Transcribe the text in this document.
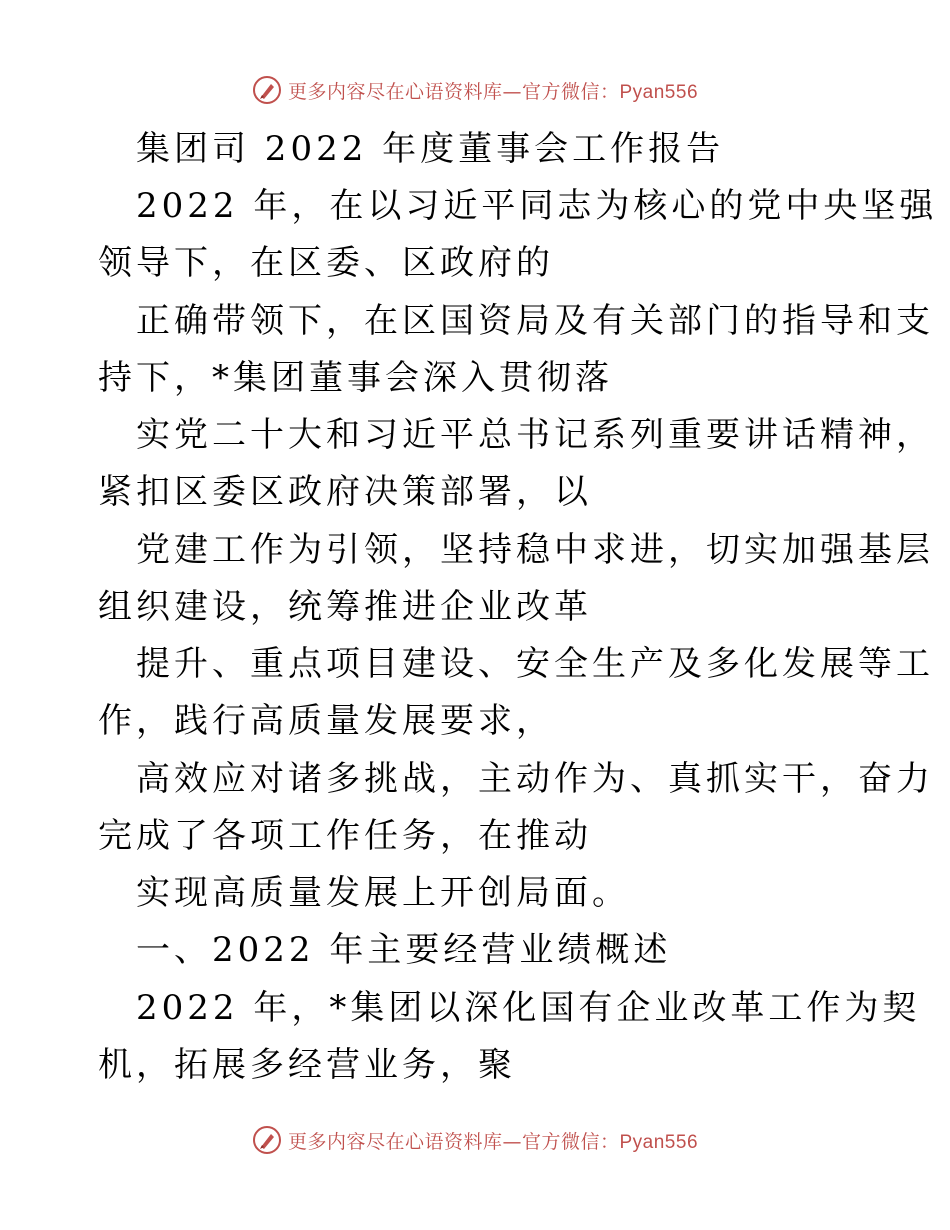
更多内容尽在心语资料库—官方微信：Pyan556
集团司 2022 年度董事会工作报告
2022 年，在以习近平同志为核心的党中央坚强
领导下，在区委、区政府的
正确带领下，在区国资局及有关部门的指导和支
持下，*集团董事会深入贯彻落
实党二十大和习近平总书记系列重要讲话精神，
紧扣区委区政府决策部署，以
党建工作为引领，坚持稳中求进，切实加强基层
组织建设，统筹推进企业改革
提升、重点项目建设、安全生产及多化发展等工
作，践行高质量发展要求，
高效应对诸多挑战，主动作为、真抓实干，奋力
完成了各项工作任务，在推动
实现高质量发展上开创局面。
一、2022 年主要经营业绩概述
2022 年，*集团以深化国有企业改革工作为契
机，拓展多经营业务，聚
更多内容尽在心语资料库—官方微信：Pyan556
